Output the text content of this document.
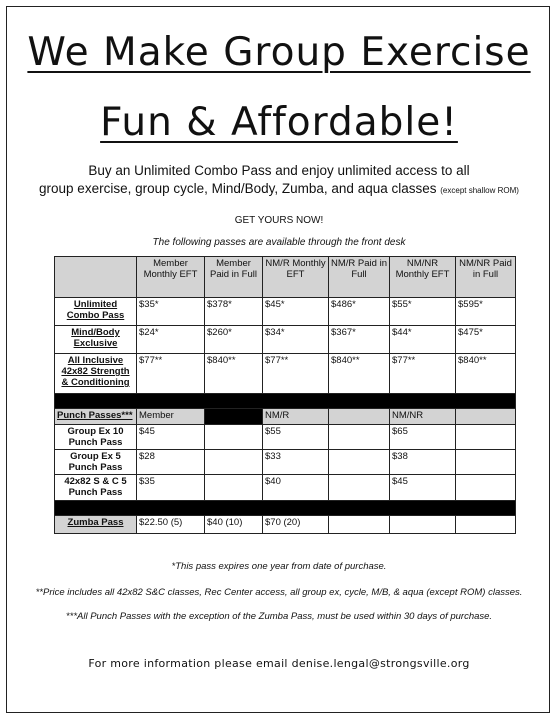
We Make Group Exercise
Fun & Affordable!
Buy an Unlimited Combo Pass and enjoy unlimited access to all
group exercise, group cycle, Mind/Body, Zumba, and aqua classes (except shallow ROM)
GET YOURS NOW!
The following passes are available through the front desk
	Member Monthly EFT	Member Paid in Full	NM/R Monthly EFT	NM/R Paid in Full	NM/NR Monthly EFT	NM/NR Paid in Full
Unlimited Combo Pass	$35*	$378*	$45*	$486*	$55*	$595*
Mind/Body Exclusive	$24*	$260*	$34*	$367*	$44*	$475*
All Inclusive 42x82 Strength & Conditioning	$77**	$840**	$77**	$840**	$77**	$840**

Punch Passes***	Member		NM/R		NM/NR	
Group Ex 10 Punch Pass	$45		$55		$65	
Group Ex 5 Punch Pass	$28		$33		$38	
42x82 S & C 5 Punch Pass	$35		$40		$45	

Zumba Pass	$22.50 (5)	$40 (10)	$70 (20)			
*This pass expires one year from date of purchase.
**Price includes all 42x82 S&C classes, Rec Center access, all group ex, cycle, M/B, & aqua (except ROM) classes.
***All Punch Passes with the exception of the Zumba Pass, must be used within 30 days of purchase.
For more information please email denise.lengal@strongsville.org
